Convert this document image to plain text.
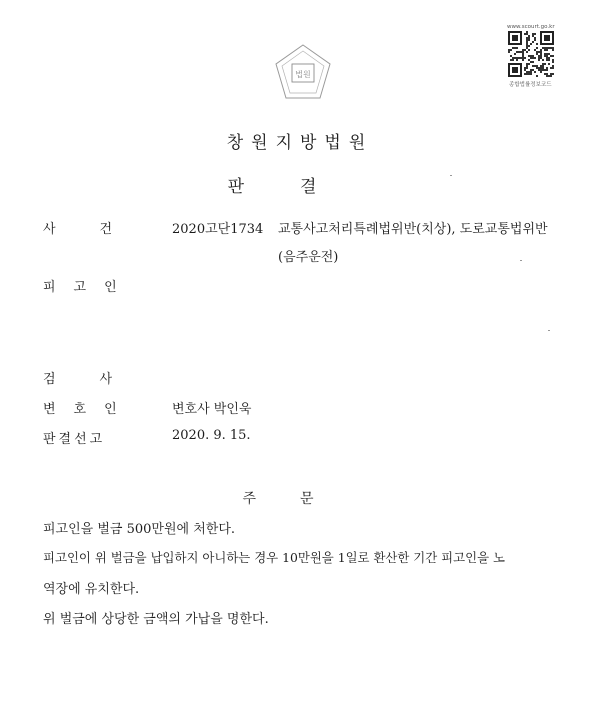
법원
www.scourt.go.kr
종합법률정보코드
창원지방법원
판결
사건 2020고단1734 교통사고처리특례법위반(치상), 도로교통법위반
(음주운전)
피고인
검사
변호인	변호사 박인욱
판결선고	2020. 9. 15.
주문
피고인을 벌금 500만원에 처한다.
피고인이 위 벌금을 납입하지 아니하는 경우 10만원을 1일로 환산한 기간 피고인을 노
역장에 유치한다.
위 벌금에 상당한 금액의 가납을 명한다.
